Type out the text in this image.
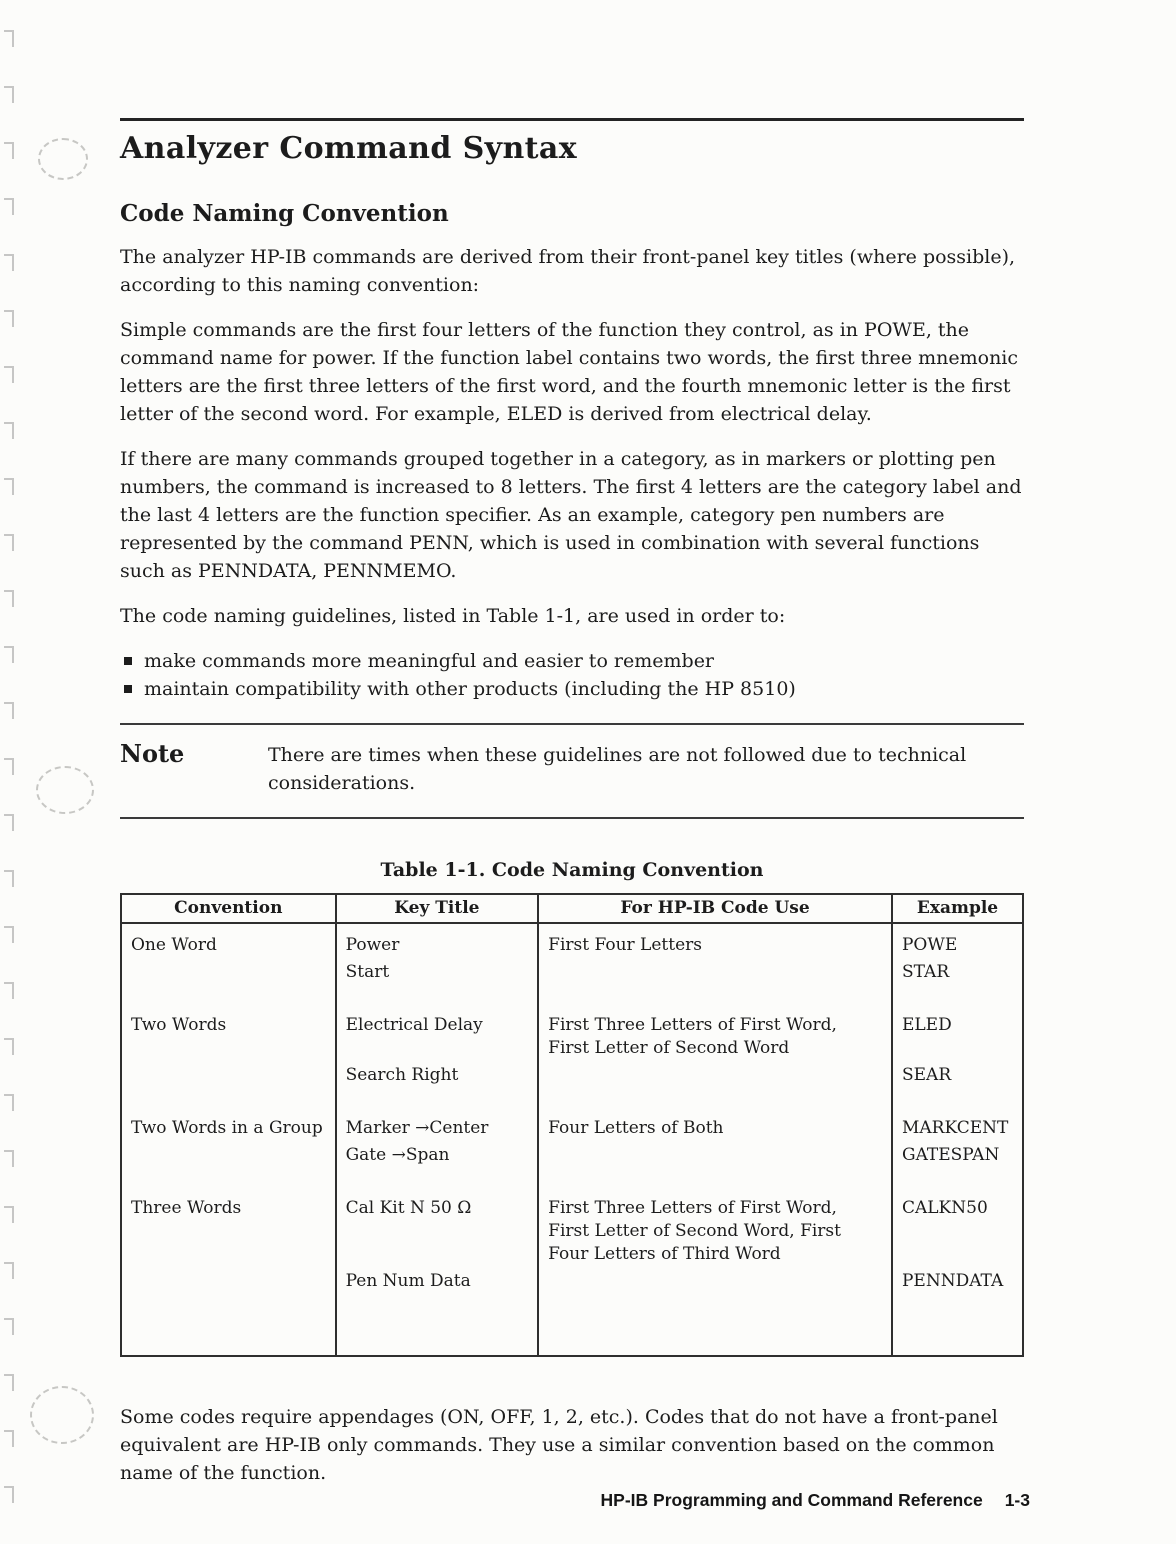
Analyzer Command Syntax
Code Naming Convention

The analyzer HP-IB commands are derived from their front-panel key titles (where possible), according to this naming convention:

Simple commands are the first four letters of the function they control, as in POWE, the command name for power. If the function label contains two words, the first three mnemonic letters are the first three letters of the first word, and the fourth mnemonic letter is the first letter of the second word. For example, ELED is derived from electrical delay.

If there are many commands grouped together in a category, as in markers or plotting pen numbers, the command is increased to 8 letters. The first 4 letters are the category label and the last 4 letters are the function specifier. As an example, category pen numbers are represented by the command PENN, which is used in combination with several functions such as PENNDATA, PENNMEMO.

The code naming guidelines, listed in Table 1-1, are used in order to:

make commands more meaningful and easier to remember
maintain compatibility with other products (including the HP 8510)
Note	There are times when these guidelines are not followed due to technical considerations.
Table 1-1. Code Naming Convention
Convention	Key Title	For HP-IB Code Use	Example
One Word	Power	First Four Letters	POWE
	Start		STAR
Two Words	Electrical Delay	First Three Letters of First Word, First Letter of Second Word	ELED
	Search Right		SEAR
Two Words in a Group	Marker →Center	Four Letters of Both	MARKCENT
	Gate →Span		GATESPAN
Three Words	Cal Kit N 50 Ω	First Three Letters of First Word, First Letter of Second Word, First Four Letters of Third Word	CALKN50
	Pen Num Data		PENNDATA

Some codes require appendages (ON, OFF, 1, 2, etc.). Codes that do not have a front-panel equivalent are HP-IB only commands. They use a similar convention based on the common name of the function.

HP-IB Programming and Command Reference 1-3
